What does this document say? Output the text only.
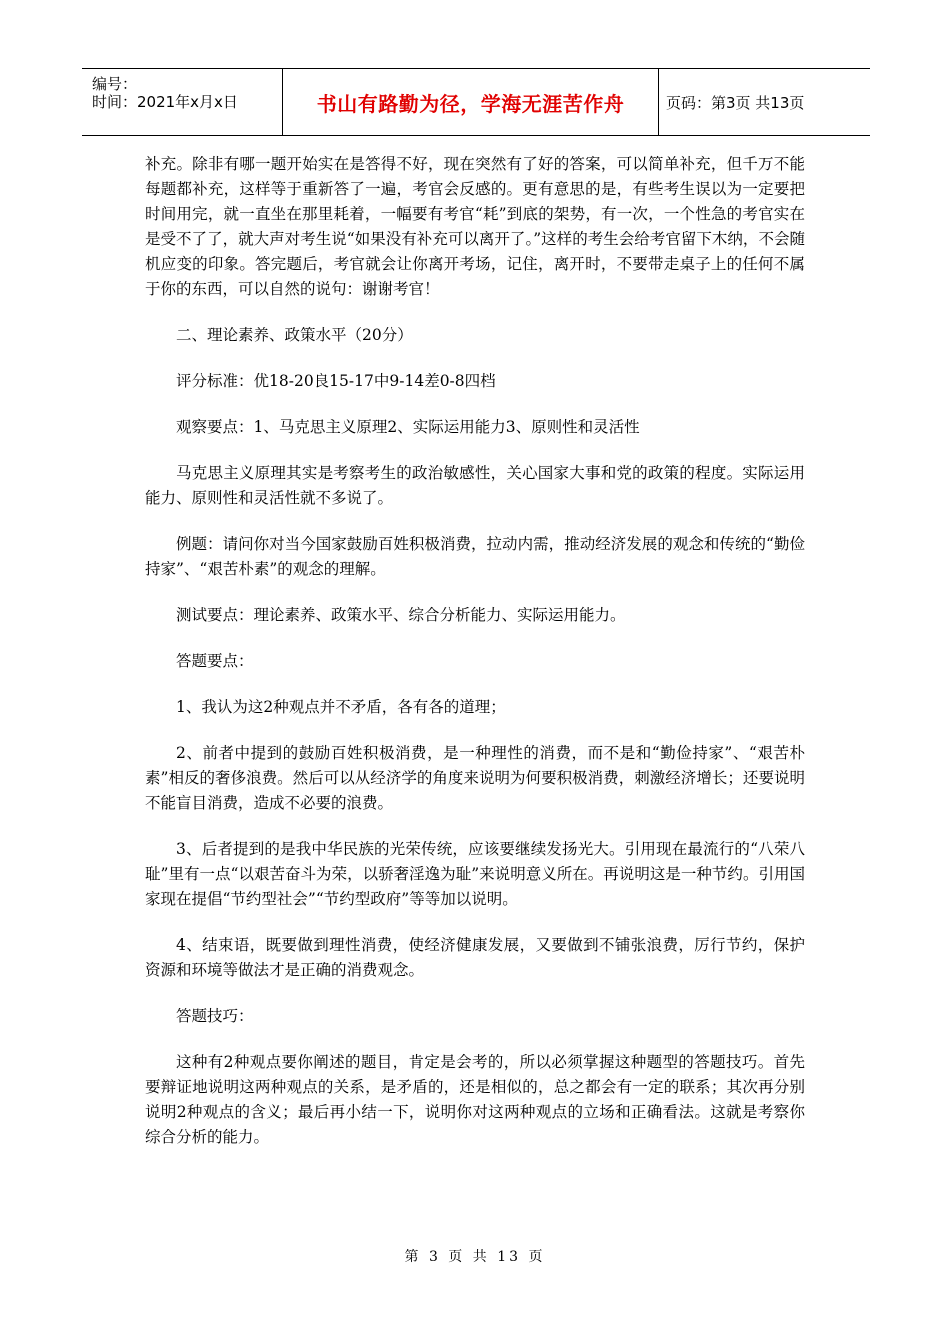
编号：
时间：2021年x月x日	书山有路勤为径，学海无涯苦作舟	页码：第3页 共13页

补充。除非有哪一题开始实在是答得不好，现在突然有了好的答案，可以简单补充，但千万不能每题都补充，这样等于重新答了一遍，考官会反感的。更有意思的是，有些考生误以为一定要把时间用完，就一直坐在那里耗着，一幅要有考官“耗”到底的架势，有一次，一个性急的考官实在是受不了了，就大声对考生说“如果没有补充可以离开了。”这样的考生会给考官留下木纳，不会随机应变的印象。答完题后，考官就会让你离开考场，记住，离开时，不要带走桌子上的任何不属于你的东西，可以自然的说句：谢谢考官！

二、理论素养、政策水平（20分）

评分标准：优18-20良15-17中9-14差0-8四档

观察要点：1、马克思主义原理2、实际运用能力3、原则性和灵活性

马克思主义原理其实是考察考生的政治敏感性，关心国家大事和党的政策的程度。实际运用能力、原则性和灵活性就不多说了。

例题：请问你对当今国家鼓励百姓积极消费，拉动内需，推动经济发展的观念和传统的“勤俭持家”、“艰苦朴素”的观念的理解。

测试要点：理论素养、政策水平、综合分析能力、实际运用能力。

答题要点：

1、我认为这2种观点并不矛盾，各有各的道理；

2、前者中提到的鼓励百姓积极消费，是一种理性的消费，而不是和“勤俭持家”、“艰苦朴素”相反的奢侈浪费。然后可以从经济学的角度来说明为何要积极消费，刺激经济增长；还要说明不能盲目消费，造成不必要的浪费。

3、后者提到的是我中华民族的光荣传统，应该要继续发扬光大。引用现在最流行的“八荣八耻”里有一点“以艰苦奋斗为荣，以骄奢淫逸为耻”来说明意义所在。再说明这是一种节约。引用国家现在提倡“节约型社会”“节约型政府”等等加以说明。

4、结束语，既要做到理性消费，使经济健康发展，又要做到不铺张浪费，厉行节约，保护资源和环境等做法才是正确的消费观念。

答题技巧：

这种有2种观点要你阐述的题目，肯定是会考的，所以必须掌握这种题型的答题技巧。首先要辩证地说明这两种观点的关系，是矛盾的，还是相似的，总之都会有一定的联系；其次再分别说明2种观点的含义；最后再小结一下，说明你对这两种观点的立场和正确看法。这就是考察你综合分析的能力。

第 3 页 共 13 页
